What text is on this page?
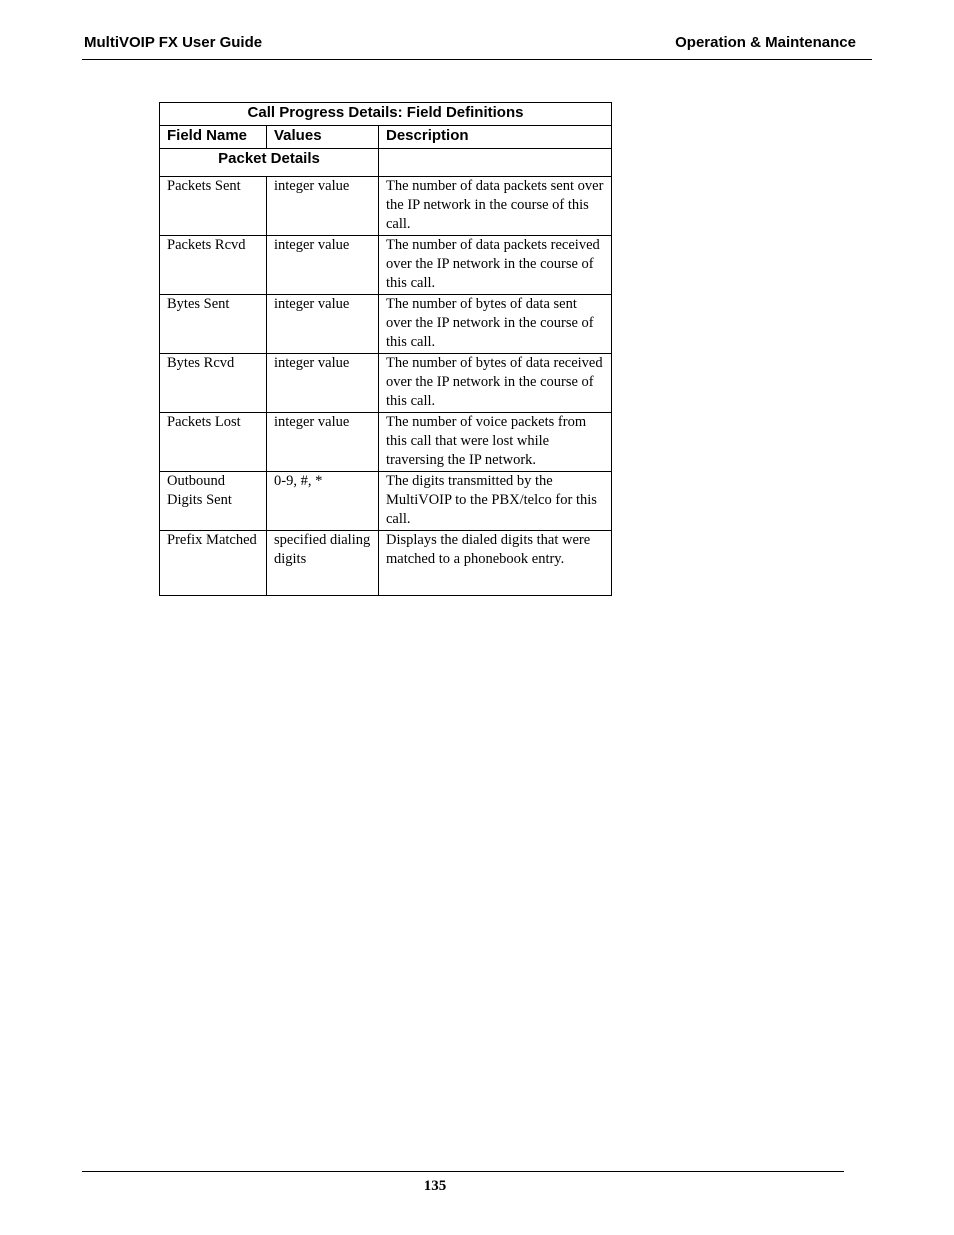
MultiVOIP FX User Guide	Operation & Maintenance
Call Progress Details: Field Definitions		
Field Name	Values	Description
Packet Details		
Packets Sent	integer value	The number of data packets sent over the IP network in the course of this call.
Packets Rcvd	integer value	The number of data packets received over the IP network in the course of this call.
Bytes Sent	integer value	The number of bytes of data sent over the IP network in the course of this call.
Bytes Rcvd	integer value	The number of bytes of data received over the IP network in the course of this call.
Packets Lost	integer value	The number of voice packets from this call that were lost while traversing the IP network.
Outbound Digits Sent	0-9, #, *	The digits transmitted by the MultiVOIP to the PBX/telco for this call.
Prefix Matched	specified dialing digits	Displays the dialed digits that were matched to a phonebook entry.
135
